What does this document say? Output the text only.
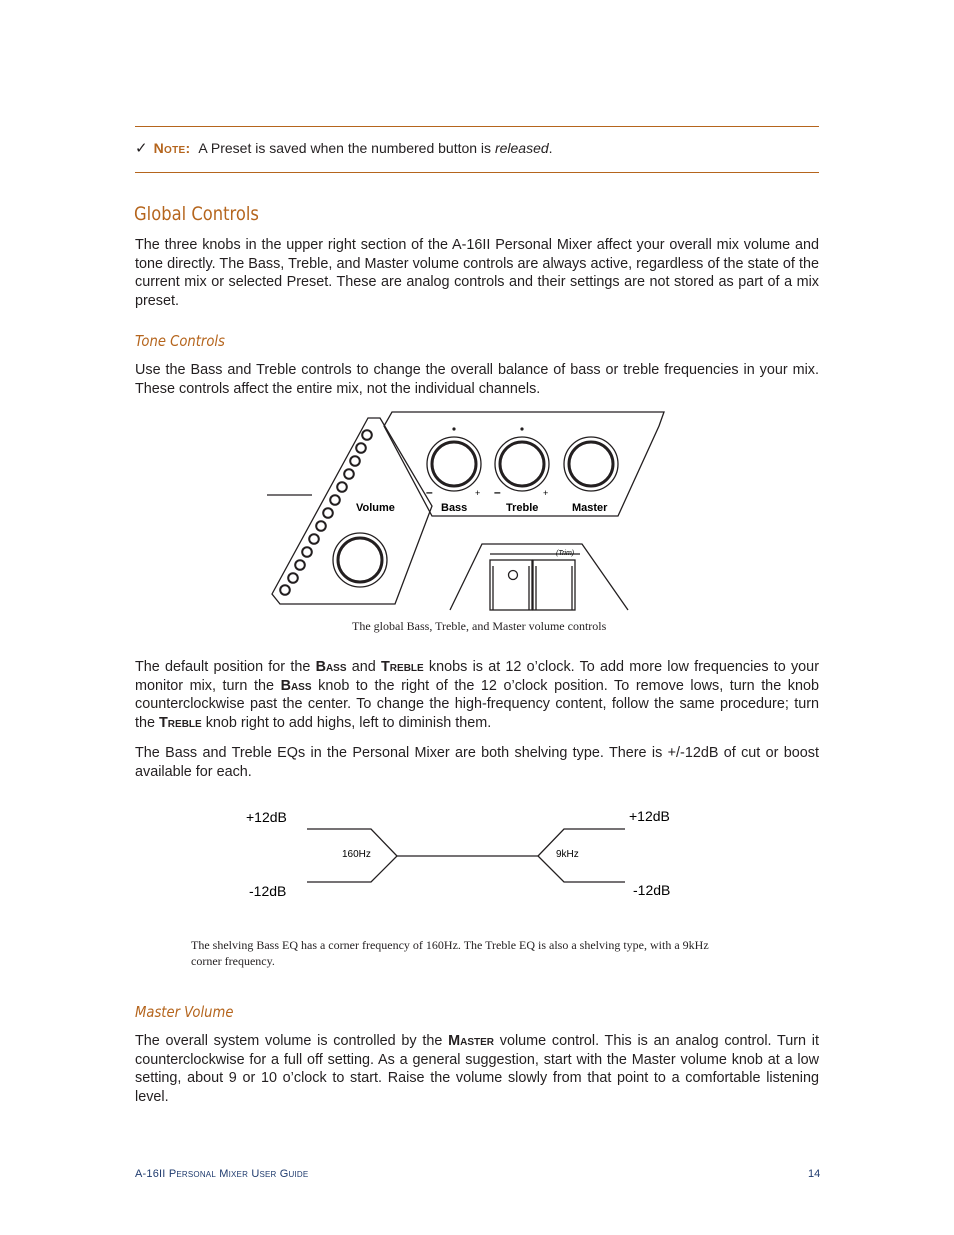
✓ Note: A Preset is saved when the numbered button is released.
Global Controls

The three knobs in the upper right section of the A-16II Personal Mixer affect your overall mix volume and tone directly. The Bass, Treble, and Master volume controls are always active, regardless of the state of the current mix or selected Preset. These are analog controls and their settings are not stored as part of a mix preset.

Tone Controls

Use the Bass and Treble controls to change the overall balance of bass or treble frequencies in your mix. These controls affect the entire mix, not the individual channels.

Volume	Bass	Treble	Master
–	+ –	+
(Trim)

The global Bass, Treble, and Master volume controls

The default position for the Bass and Treble knobs is at 12 o’clock. To add more low frequencies to your monitor mix, turn the Bass knob to the right of the 12 o’clock position. To remove lows, turn the knob counterclockwise past the center. To change the high-frequency content, follow the same procedure; turn the Treble knob right to add highs, left to diminish them.

The Bass and Treble EQs in the Personal Mixer are both shelving type. There is +/-12dB of cut or boost available for each.

+12dB
-12dB
+12dB
-12dB
160Hz	9kHz

The shelving Bass EQ has a corner frequency of 160Hz. The Treble EQ is also a shelving type, with a 9kHz corner frequency.

Master Volume

The overall system volume is controlled by the Master volume control. This is an analog control. Turn it counterclockwise for a full off setting. As a general suggestion, start with the Master volume knob at a low setting, about 9 or 10 o’clock to start. Raise the volume slowly from that point to a comfortable listening level.

A-16II Personal Mixer User Guide	14
